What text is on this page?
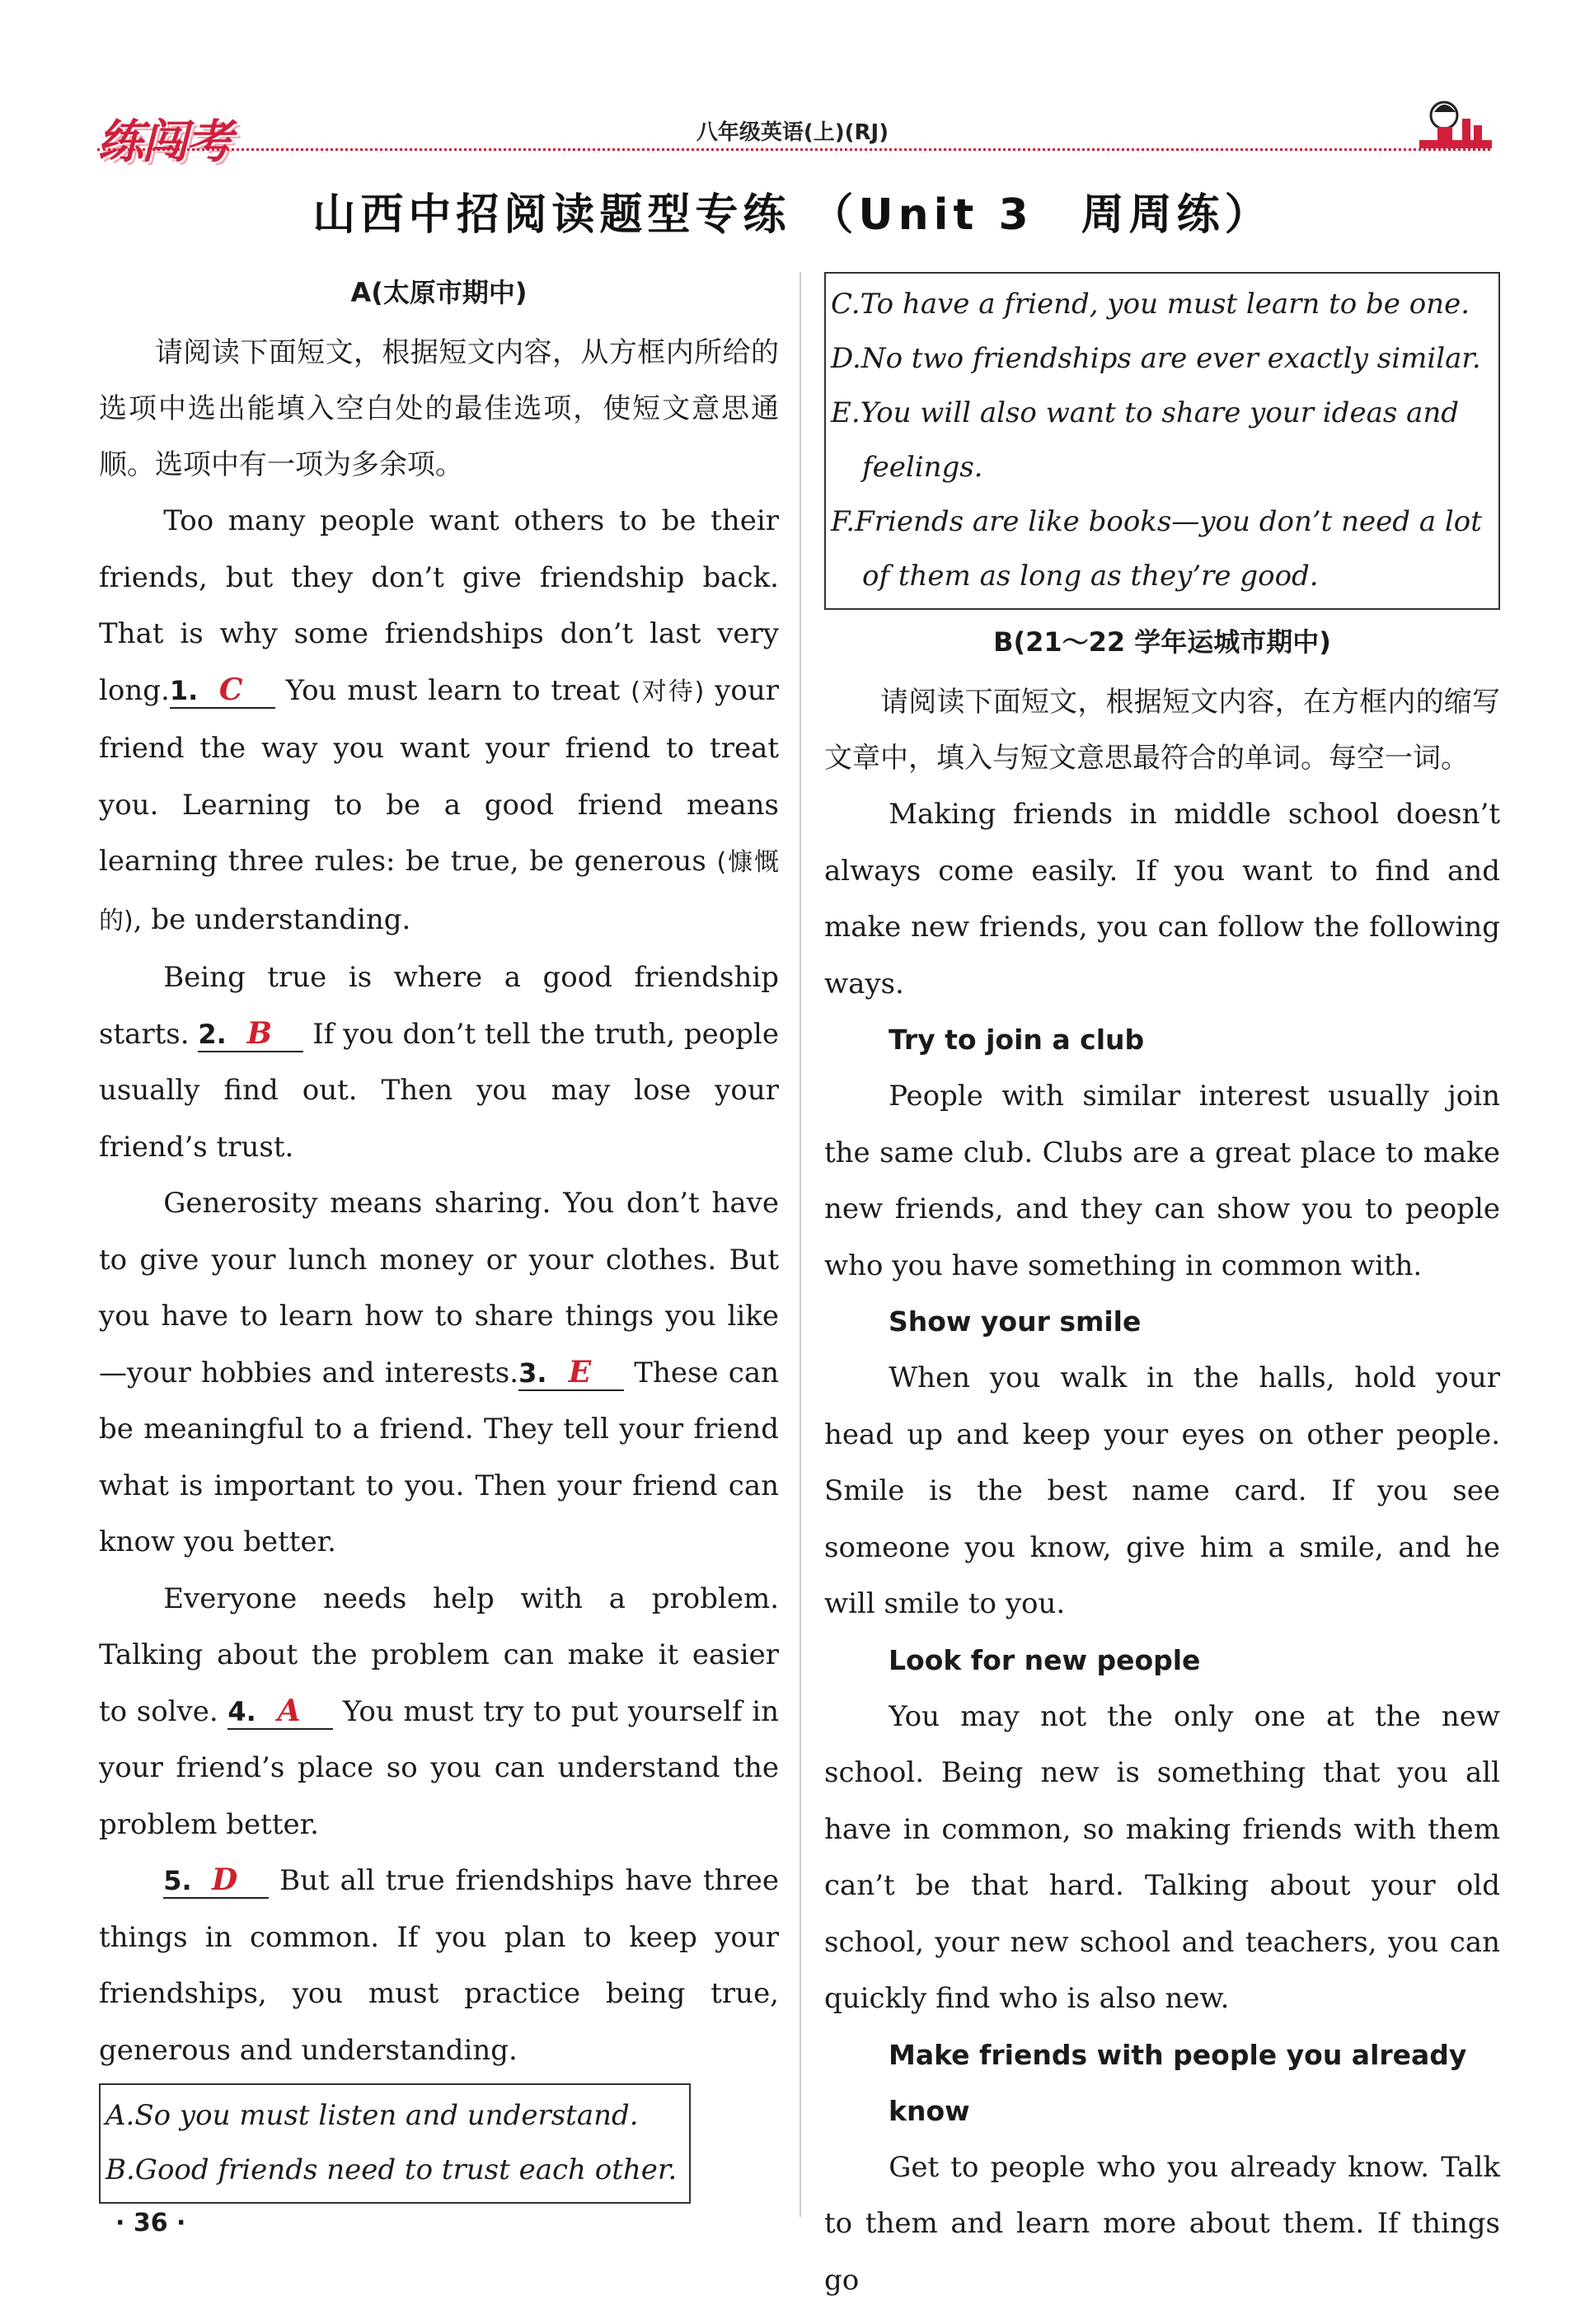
练闯考	八年级英语(上)(RJ)
山西中招阅读题型专练 （Unit 3　周周练）
A(太原市期中)

请阅读下面短文，根据短文内容，从方框内所给的选项中选出能填入空白处的最佳选项，使短文意思通顺。选项中有一项为多余项。

Too many people want others to be their friends, but they don’t give friendship back. That is why some friendships don’t last very long.1. C You must learn to treat (对待) your friend the way you want your friend to treat you. Learning to be a good friend means learning three rules: be true, be generous (慷慨的), be understanding.

Being true is where a good friendship starts. 2. B If you don’t tell the truth, people usually find out. Then you may lose your friend’s trust.

Generosity means sharing. You don’t have to give your lunch money or your clothes. But you have to learn how to share things you like—your hobbies and interests.3. E These can be meaningful to a friend. They tell your friend what is important to you. Then your friend can know you better.

Everyone needs help with a problem. Talking about the problem can make it easier to solve. 4. A You must try to put yourself in your friend’s place so you can understand the problem better.

5. D But all true friendships have three things in common. If you plan to keep your friendships, you must practice being true, generous and understanding.

A.So you must listen and understand.

B.Good friends need to trust each other.

C.To have a friend, you must learn to be one.

D.No two friendships are ever exactly similar.

E.You will also want to share your ideas and

feelings.

F.Friends are like books—you don’t need a lot

of them as long as they’re good.

B(21～22 学年运城市期中)

请阅读下面短文，根据短文内容，在方框内的缩写文章中，填入与短文意思最符合的单词。每空一词。

Making friends in middle school doesn’t always come easily. If you want to find and make new friends, you can follow the following ways.

Try to join a club

People with similar interest usually join the same club. Clubs are a great place to make new friends, and they can show you to people who you have something in common with.

Show your smile

When you walk in the halls, hold your head up and keep your eyes on other people. Smile is the best name card. If you see someone you know, give him a smile, and he will smile to you.

Look for new people

You may not the only one at the new school. Being new is something that you all have in common, so making friends with them can’t be that hard. Talking about your old school, your new school and teachers, you can quickly find who is also new.

Make friends with people you already know

Get to people who you already know. Talk to them and learn more about them. If things go

· 36 ·
